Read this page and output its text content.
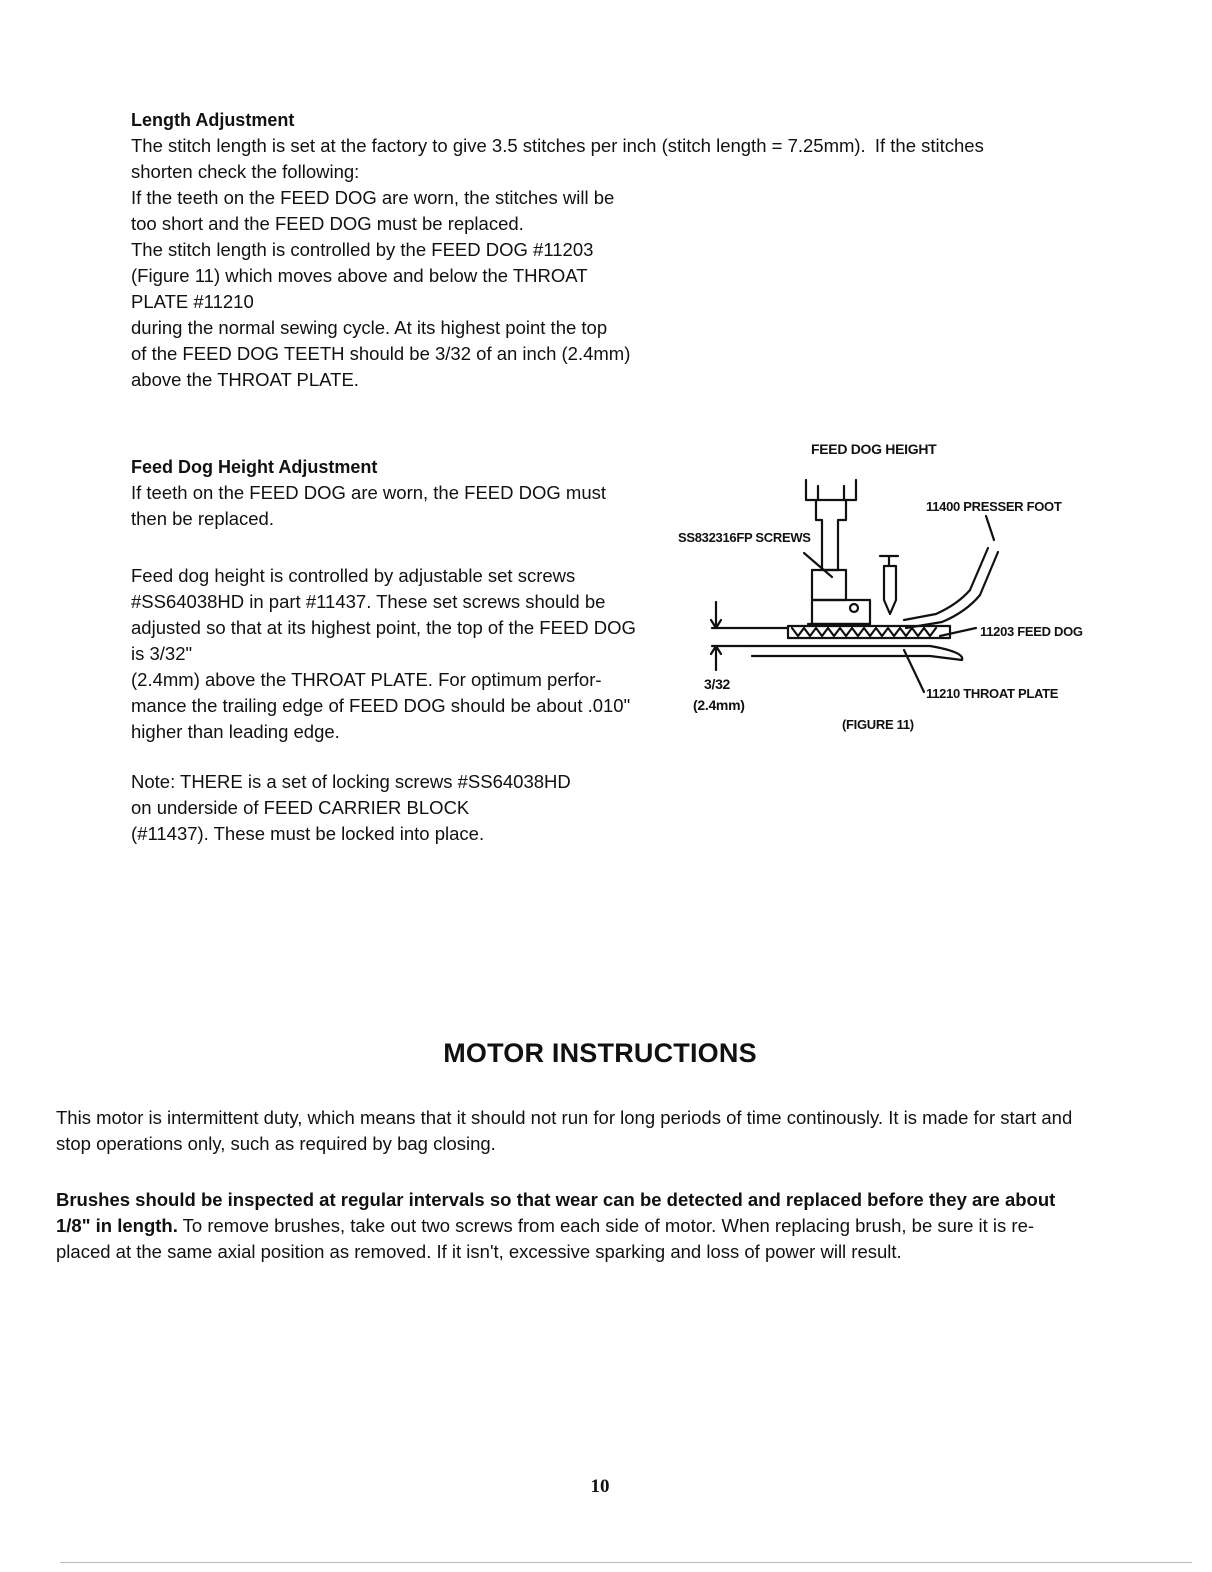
Length Adjustment
The stitch length is set at the factory to give 3.5 stitches per inch (stitch length = 7.25mm). If the stitches
shorten check the following:
If the teeth on the FEED DOG are worn, the stitches will be
too short and the FEED DOG must be replaced.
The stitch length is controlled by the FEED DOG #11203
(Figure 11) which moves above and below the THROAT
PLATE #11210
during the normal sewing cycle. At its highest point the top
of the FEED DOG TEETH should be 3/32 of an inch (2.4mm)
above the THROAT PLATE.
Feed Dog Height Adjustment
If teeth on the FEED DOG are worn, the FEED DOG must
then be replaced.
Feed dog height is controlled by adjustable set screws
#SS64038HD in part #11437. These set screws should be
adjusted so that at its highest point, the top of the FEED DOG
is 3/32"
(2.4mm) above the THROAT PLATE. For optimum perfor-
mance the trailing edge of FEED DOG should be about .010"
higher than leading edge.
Note: THERE is a set of locking screws #SS64038HD
on underside of FEED CARRIER BLOCK
(#11437). These must be locked into place.
FEED DOG HEIGHT
11400 PRESSER FOOT
SS832316FP SCREWS
11203 FEED DOG
11210 THROAT PLATE
3/32
(2.4mm)
(FIGURE 11)
MOTOR INSTRUCTIONS
This motor is intermittent duty, which means that it should not run for long periods of time continously. It is made for start and
stop operations only, such as required by bag closing.
Brushes should be inspected at regular intervals so that wear can be detected and replaced before they are about
1/8" in length. To remove brushes, take out two screws from each side of motor. When replacing brush, be sure it is re-
placed at the same axial position as removed. If it isn't, excessive sparking and loss of power will result.
10
